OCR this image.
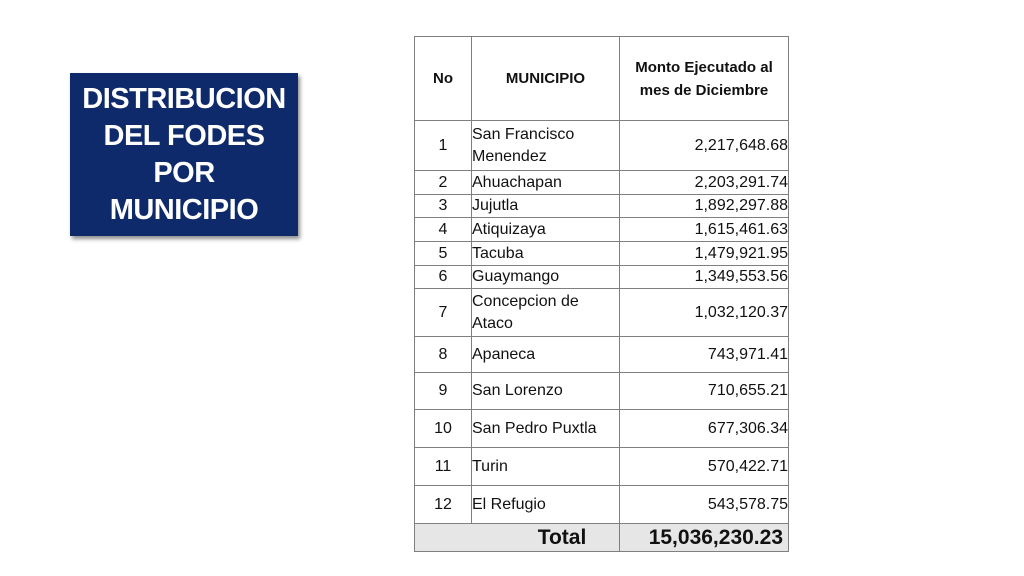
DISTRIBUCION
DEL FODES
POR
MUNICIPIO
No	MUNICIPIO	Monto Ejecutado al mes de Diciembre
1	San Francisco Menendez	2,217,648.68
2	Ahuachapan	2,203,291.74
3	Jujutla	1,892,297.88
4	Atiquizaya	1,615,461.63
5	Tacuba	1,479,921.95
6	Guaymango	1,349,553.56
7	Concepcion de Ataco	1,032,120.37
8	Apaneca	743,971.41
9	San Lorenzo	710,655.21
10	San Pedro Puxtla	677,306.34
11	Turin	570,422.71
12	El Refugio	543,578.75
Total		15,036,230.23
